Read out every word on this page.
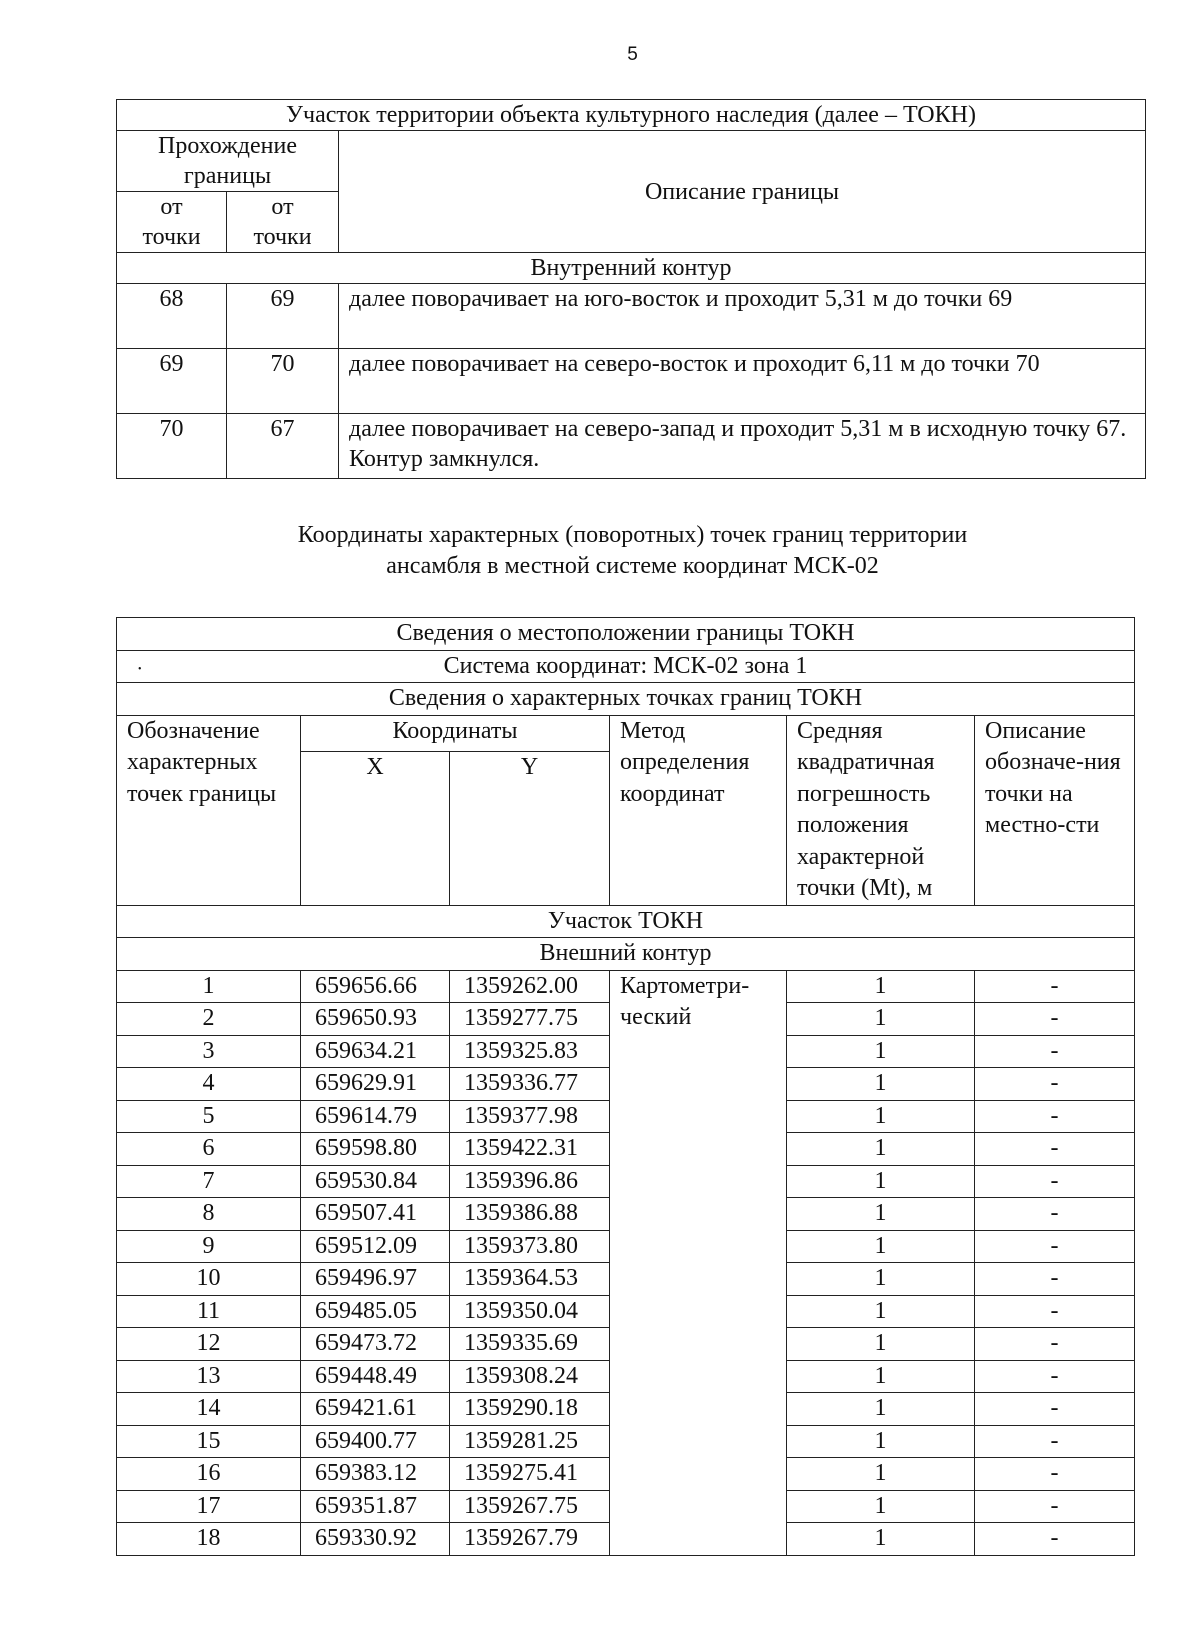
5
Участок территории объекта культурного наследия (далее – ТОКН)		
Прохождение границы		Описание границы
от точки	от точки	
Внутренний контур		
68	69	далее поворачивает на юго-восток и проходит 5,31 м до точки 69
69	70	далее поворачивает на северо-восток и проходит 6,11 м до точки 70
70	67	далее поворачивает на северо-запад и проходит 5,31 м в исходную точку 67. Контур замкнулся.
Координаты характерных (поворотных) точек границ территории
ансамбля в местной системе координат МСК-02
Сведения о местоположении границы ТОКН					
Система координат: МСК-02 зона 1					
Сведения о характерных точках границ ТОКН					
Обозначение характерных точек границы	Координаты		Метод определения координат	Средняя квадратичная погрешность положения характерной точки (Mt), м	Описание обозначе-ния точки на местно-сти
	X	Y			
Участок ТОКН					
Внешний контур					
1	659656.66	1359262.00	Картометри-ческий	1	-
2	659650.93	1359277.75		1	-
3	659634.21	1359325.83		1	-
4	659629.91	1359336.77		1	-
5	659614.79	1359377.98		1	-
6	659598.80	1359422.31		1	-
7	659530.84	1359396.86		1	-
8	659507.41	1359386.88		1	-
9	659512.09	1359373.80		1	-
10	659496.97	1359364.53		1	-
11	659485.05	1359350.04		1	-
12	659473.72	1359335.69		1	-
13	659448.49	1359308.24		1	-
14	659421.61	1359290.18		1	-
15	659400.77	1359281.25		1	-
16	659383.12	1359275.41		1	-
17	659351.87	1359267.75		1	-
18	659330.92	1359267.79		1	-
•
